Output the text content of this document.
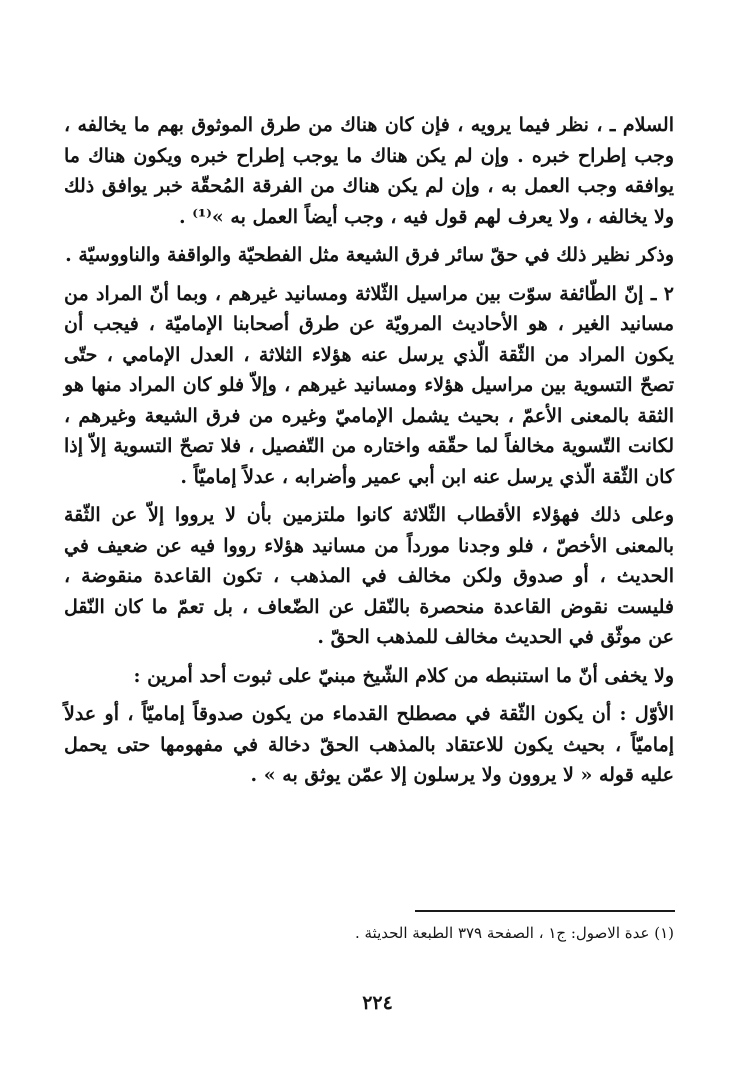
السلام ـ ، نظر فيما يرويه ، فإن كان هناك من طرق الموثوق بهم ما يخالفه ، وجب إطراح خبره . وإن لم يكن هناك ما يوجب إطراح خبره ويكون هناك ما يوافقه وجب العمل به ، وإن لم يكن هناك من الفرقة المُحقّة خبر يوافق ذلك ولا يخالفه ، ولا يعرف لهم قول فيه ، وجب أيضاً العمل به »⁽¹⁾ .

وذكر نظير ذلك في حقّ سائر فرق الشيعة مثل الفطحيّة والواقفة والناووسيّة .

٢ ـ إنّ الطّائفة سوّت بين مراسيل الثّلاثة ومسانيد غيرهم ، وبما أنّ المراد من مسانيد الغير ، هو الأحاديث المرويّة عن طرق أصحابنا الإماميّة ، فيجب أن يكون المراد من الثّقة الّذي يرسل عنه هؤلاء الثلاثة ، العدل الإمامي ، حتّى تصحّ التسوية بين مراسيل هؤلاء ومسانيد غيرهم ، وإلاّ فلو كان المراد منها هو الثقة بالمعنى الأعمّ ، بحيث يشمل الإماميّ وغيره من فرق الشيعة وغيرهم ، لكانت التّسوية مخالفاً لما حقّقه واختاره من التّفصيل ، فلا تصحّ التسوية إلاّ إذا كان الثّقة الّذي يرسل عنه ابن أبي عمير وأضرابه ، عدلاً إماميّاً .

وعلى ذلك فهؤلاء الأقطاب الثّلاثة كانوا ملتزمين بأن لا يرووا إلاّ عن الثّقة بالمعنى الأخصّ ، فلو وجدنا مورداً من مسانيد هؤلاء رووا فيه عن ضعيف في الحديث ، أو صدوق ولكن مخالف في المذهب ، تكون القاعدة منقوضة ، فليست نقوض القاعدة منحصرة بالنّقل عن الضّعاف ، بل تعمّ ما كان النّقل عن موثّق في الحديث مخالف للمذهب الحقّ .

ولا يخفى أنّ ما استنبطه من كلام الشّيخ مبنيّ على ثبوت أحد أمرين :

الأوّل : أن يكون الثّقة في مصطلح القدماء من يكون صدوقاً إماميّاً ، أو عدلاً إماميّاً ، بحيث يكون للاعتقاد بالمذهب الحقّ دخالة في مفهومها حتى يحمل عليه قوله « لا يروون ولا يرسلون إلا عمّن يوثق به » .

(١) عدة الاصول: ج١ ، الصفحة ٣٧٩ الطبعة الحديثة .
٢٢٤
